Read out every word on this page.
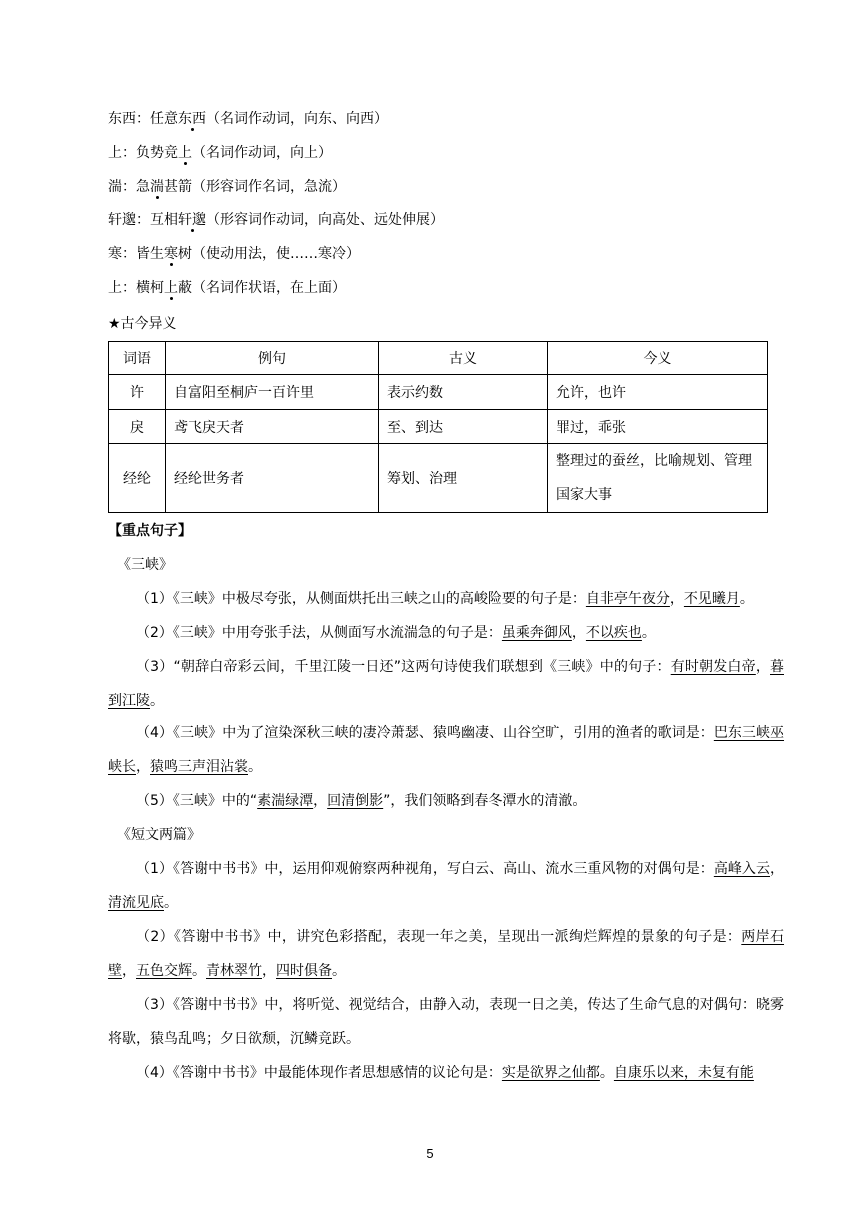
东西：任意东西（名词作动词，向东、向西）
上：负势竞上（名词作动词，向上）
湍：急湍甚箭（形容词作名词，急流）
轩邈：互相轩邈（形容词作动词，向高处、远处伸展）
寒：皆生寒树（使动用法，使……寒冷）
上：横柯上蔽（名词作状语，在上面）
★古今异义
词语	例句	古义	今义
许	自富阳至桐庐一百许里	表示约数	允许，也许
戾	鸢飞戾天者	至、到达	罪过，乖张
经纶	经纶世务者	筹划、治理	整理过的蚕丝，比喻规划、管理国家大事
【重点句子】
《三峡》
（1）《三峡》中极尽夸张，从侧面烘托出三峡之山的高峻险要的句子是：自非亭午夜分，不见曦月。
（2）《三峡》中用夸张手法，从侧面写水流湍急的句子是：虽乘奔御风，不以疾也。
（3）“朝辞白帝彩云间，千里江陵一日还”这两句诗使我们联想到《三峡》中的句子：有时朝发白帝，暮到江陵。
（4）《三峡》中为了渲染深秋三峡的凄冷萧瑟、猿鸣幽凄、山谷空旷，引用的渔者的歌词是：巴东三峡巫峡长，猿鸣三声泪沾裳。
（5）《三峡》中的“素湍绿潭，回清倒影”，我们领略到春冬潭水的清澈。
《短文两篇》
（1）《答谢中书书》中，运用仰观俯察两种视角，写白云、高山、流水三重风物的对偶句是：高峰入云，清流见底。
（2）《答谢中书书》中，讲究色彩搭配，表现一年之美，呈现出一派绚烂辉煌的景象的句子是：两岸石壁，五色交辉。青林翠竹，四时俱备。
（3）《答谢中书书》中，将听觉、视觉结合，由静入动，表现一日之美，传达了生命气息的对偶句：晓雾将歇，猿鸟乱鸣；夕日欲颓，沉鳞竞跃。
（4）《答谢中书书》中最能体现作者思想感情的议论句是：实是欲界之仙都。自康乐以来，未复有能
5
